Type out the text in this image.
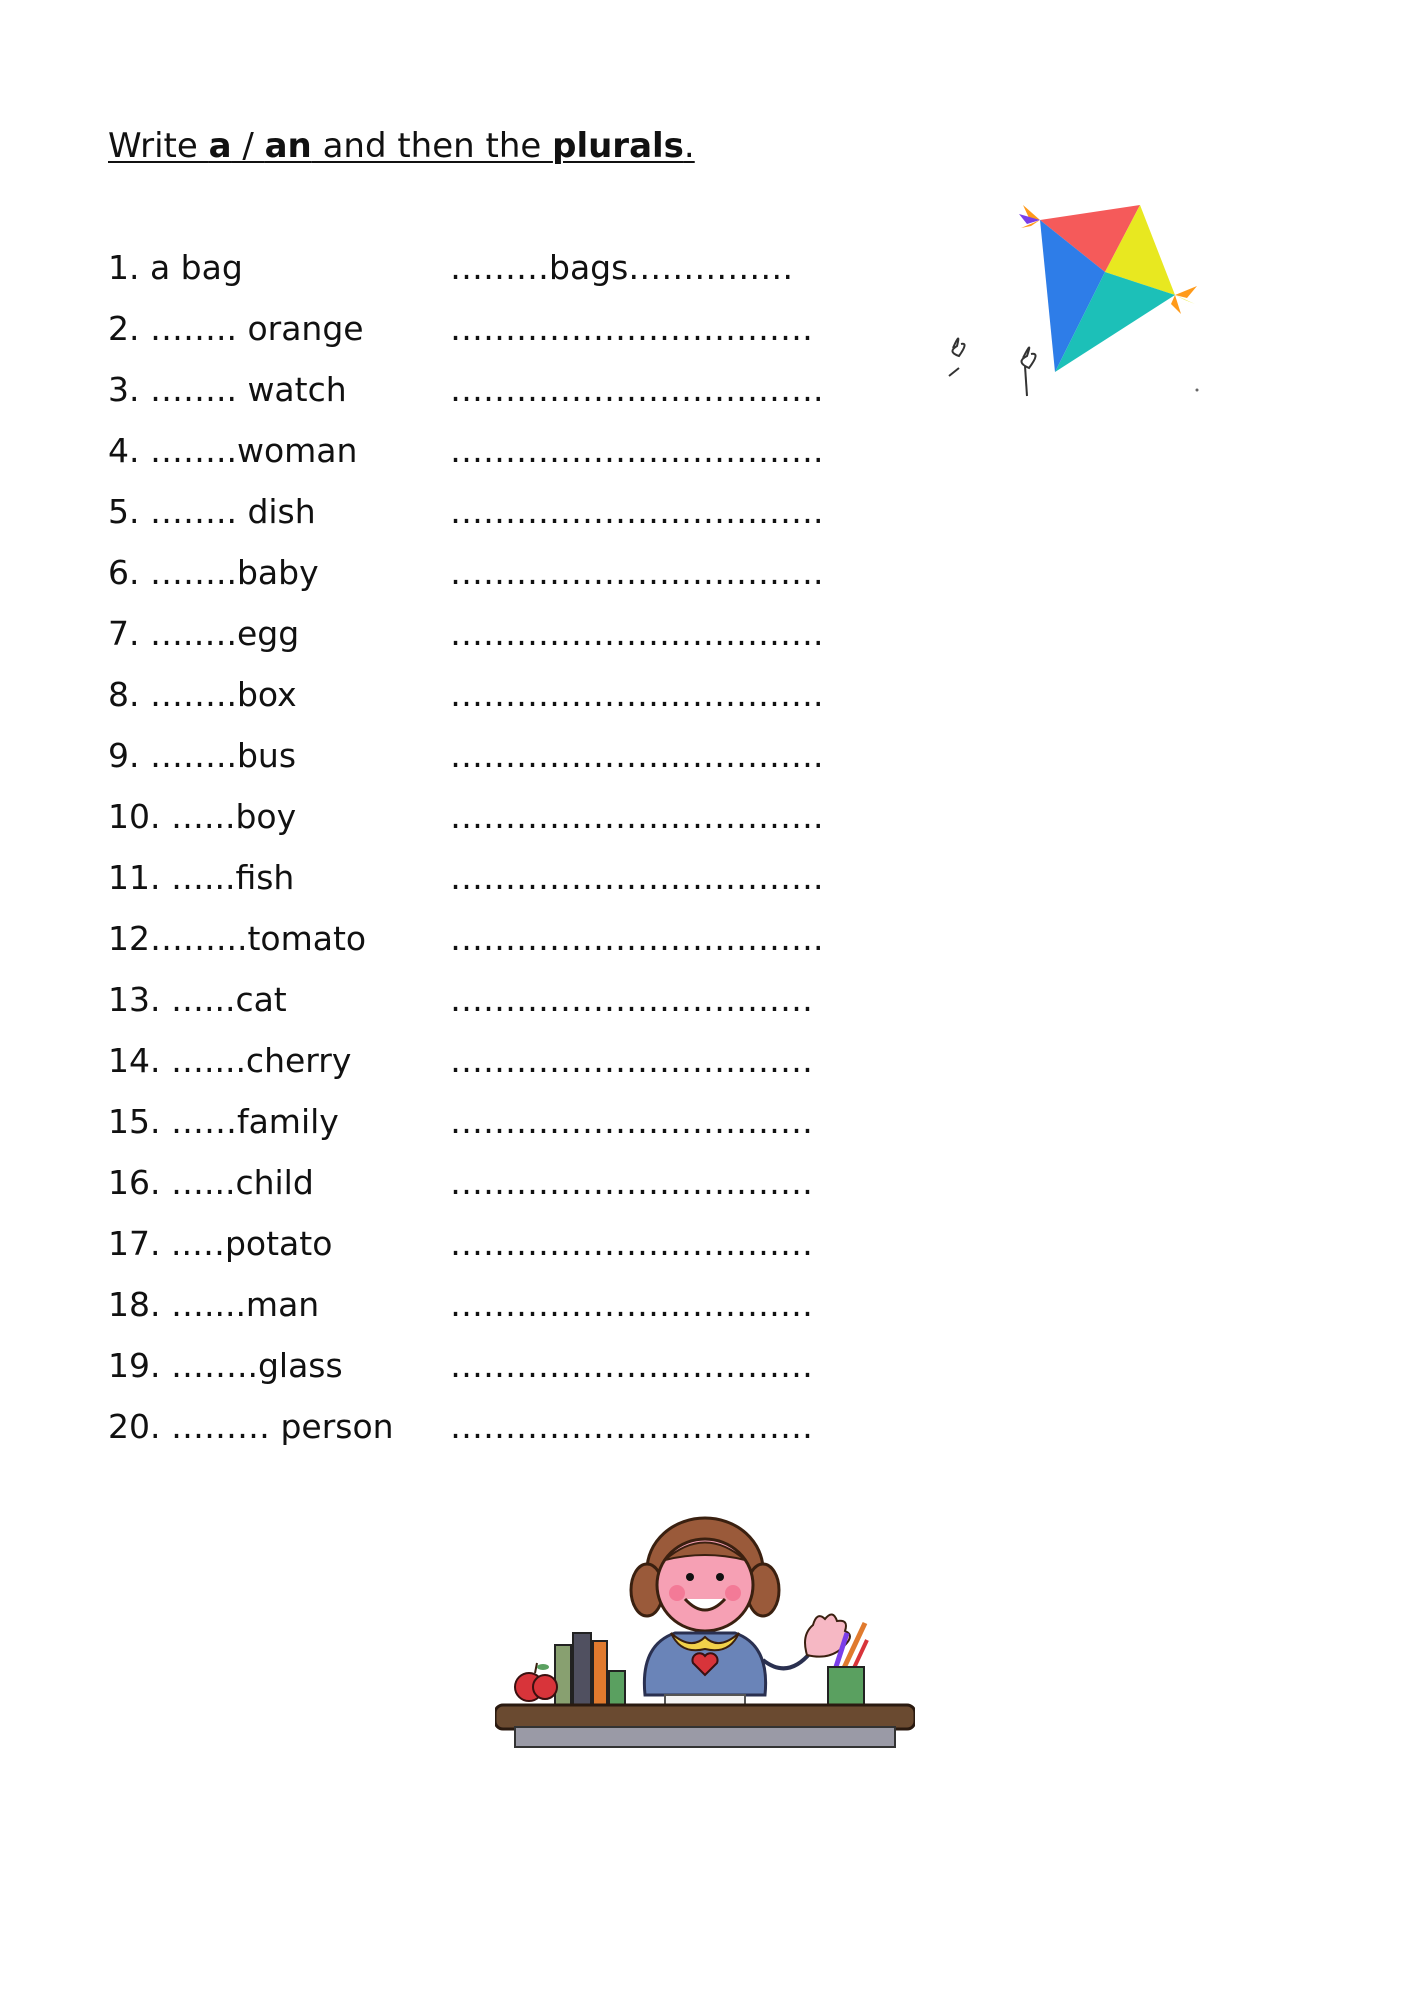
Write a / an and then the plurals.
1. a bag	………bags……………
2. …….. orange	……………………………
3. …….. watch	…………………………….
4. ……..woman	…………………………….
5. …….. dish	…………………………….
6. ……..baby	…………………………….
7. ….….egg	…………………………….
8. ……..box	…………………………….
9. ……..bus	…………………………….
10. …...boy	…………………………….
11. …...fish	…………………………….
12……...tomato	…………………………….
13. …...cat	……………………………
14. …....cherry	……………………………
15. ……family	……………………………
16. …...child	……………………………
17. ..…potato	……………………………
18. …....man	……………………………
19. ……..glass	……………………………
20. ……… person ……………………………
